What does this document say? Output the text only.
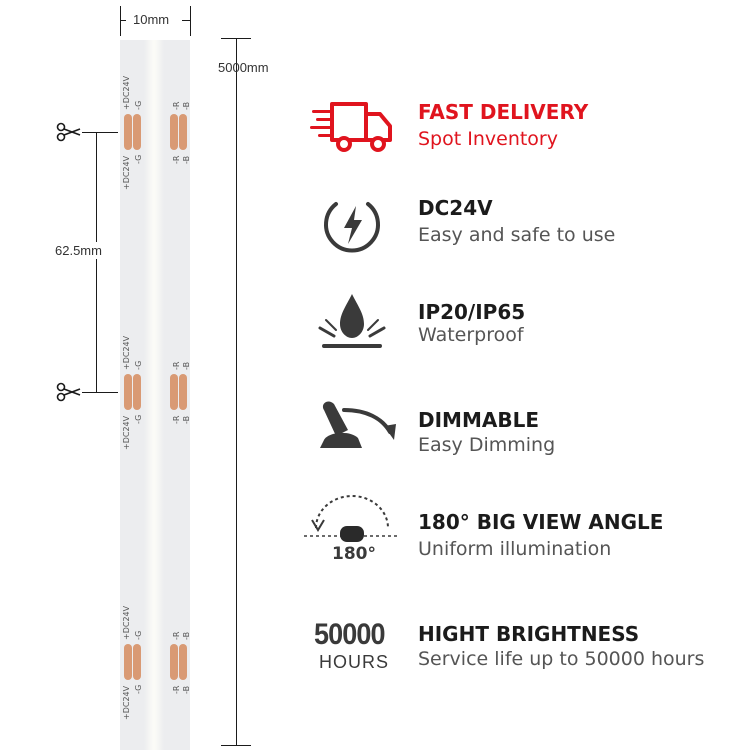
10mm
5000mm
62.5mm
+DC24V -G	-R -B
+DC24V -G	-R -B
+DC24V -G	-R -B
+DC24V -G	-R -B
+DC24V -G	-R -B
+DC24V -G	-R -B
FAST DELIVERY
Spot Inventory
DC24V
Easy and safe to use
IP20/IP65
Waterproof
DIMMABLE
Easy Dimming
180°
180° BIG VIEW ANGLE
Uniform illumination
50000
HOURS
HIGHT BRIGHTNESS
Service life up to 50000 hours
